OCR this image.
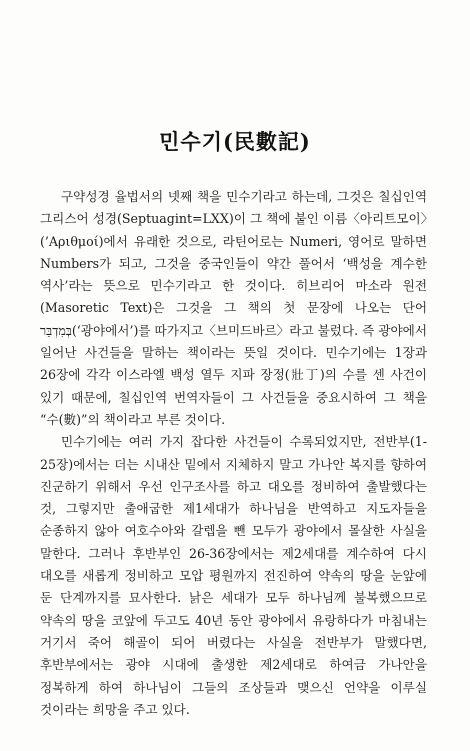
민수기(民數記)

구약성경 율법서의 넷째 책을 민수기라고 하는데, 그것은 칠십인역 그리스어 성경(Septuagint=LXX)이 그 책에 붙인 이름〈아리트모이〉(’Αριθμοί)에서 유래한 것으로, 라틴어로는 Numeri, 영어로 말하면 Numbers가 되고, 그것을 중국인들이 약간 풀어서 ‘백성을 계수한 역사’라는 뜻으로 민수기라고 한 것이다. 히브리어 마소라 원전(Masoretic Text)은 그것을 그 책의 첫 문장에 나오는 단어 בְּמִדְבַּר(‘광야에서’)를 따가지고〈브미드바르〉라고 불렀다. 즉 광야에서 일어난 사건들을 말하는 책이라는 뜻일 것이다. 민수기에는 1장과 26장에 각각 이스라엘 백성 열두 지파 장정(壯丁)의 수를 센 사건이 있기 때문에, 칠십인역 번역자들이 그 사건들을 중요시하여 그 책을 “수(數)”의 책이라고 부른 것이다.

민수기에는 여러 가지 잡다한 사건들이 수록되었지만, 전반부(1-25장)에서는 더는 시내산 밑에서 지체하지 말고 가나안 복지를 향하여 진군하기 위해서 우선 인구조사를 하고 대오를 정비하여 출발했다는 것, 그렇지만 출애굽한 제1세대가 하나님을 반역하고 지도자들을 순종하지 않아 여호수아와 갈렙을 뺀 모두가 광야에서 몰살한 사실을 말한다. 그러나 후반부인 26-36장에서는 제2세대를 계수하여 다시 대오를 새롭게 정비하고 모압 평원까지 전진하여 약속의 땅을 눈앞에 둔 단계까지를 묘사한다. 낡은 세대가 모두 하나님께 불복했으므로 약속의 땅을 코앞에 두고도 40년 동안 광야에서 유랑하다가 마침내는 거기서 죽어 해골이 되어 버렸다는 사실을 전반부가 말했다면, 후반부에서는 광야 시대에 출생한 제2세대로 하여금 가나안을 정복하게 하여 하나님이 그들의 조상들과 맺으신 언약을 이루실 것이라는 희망을 주고 있다.
